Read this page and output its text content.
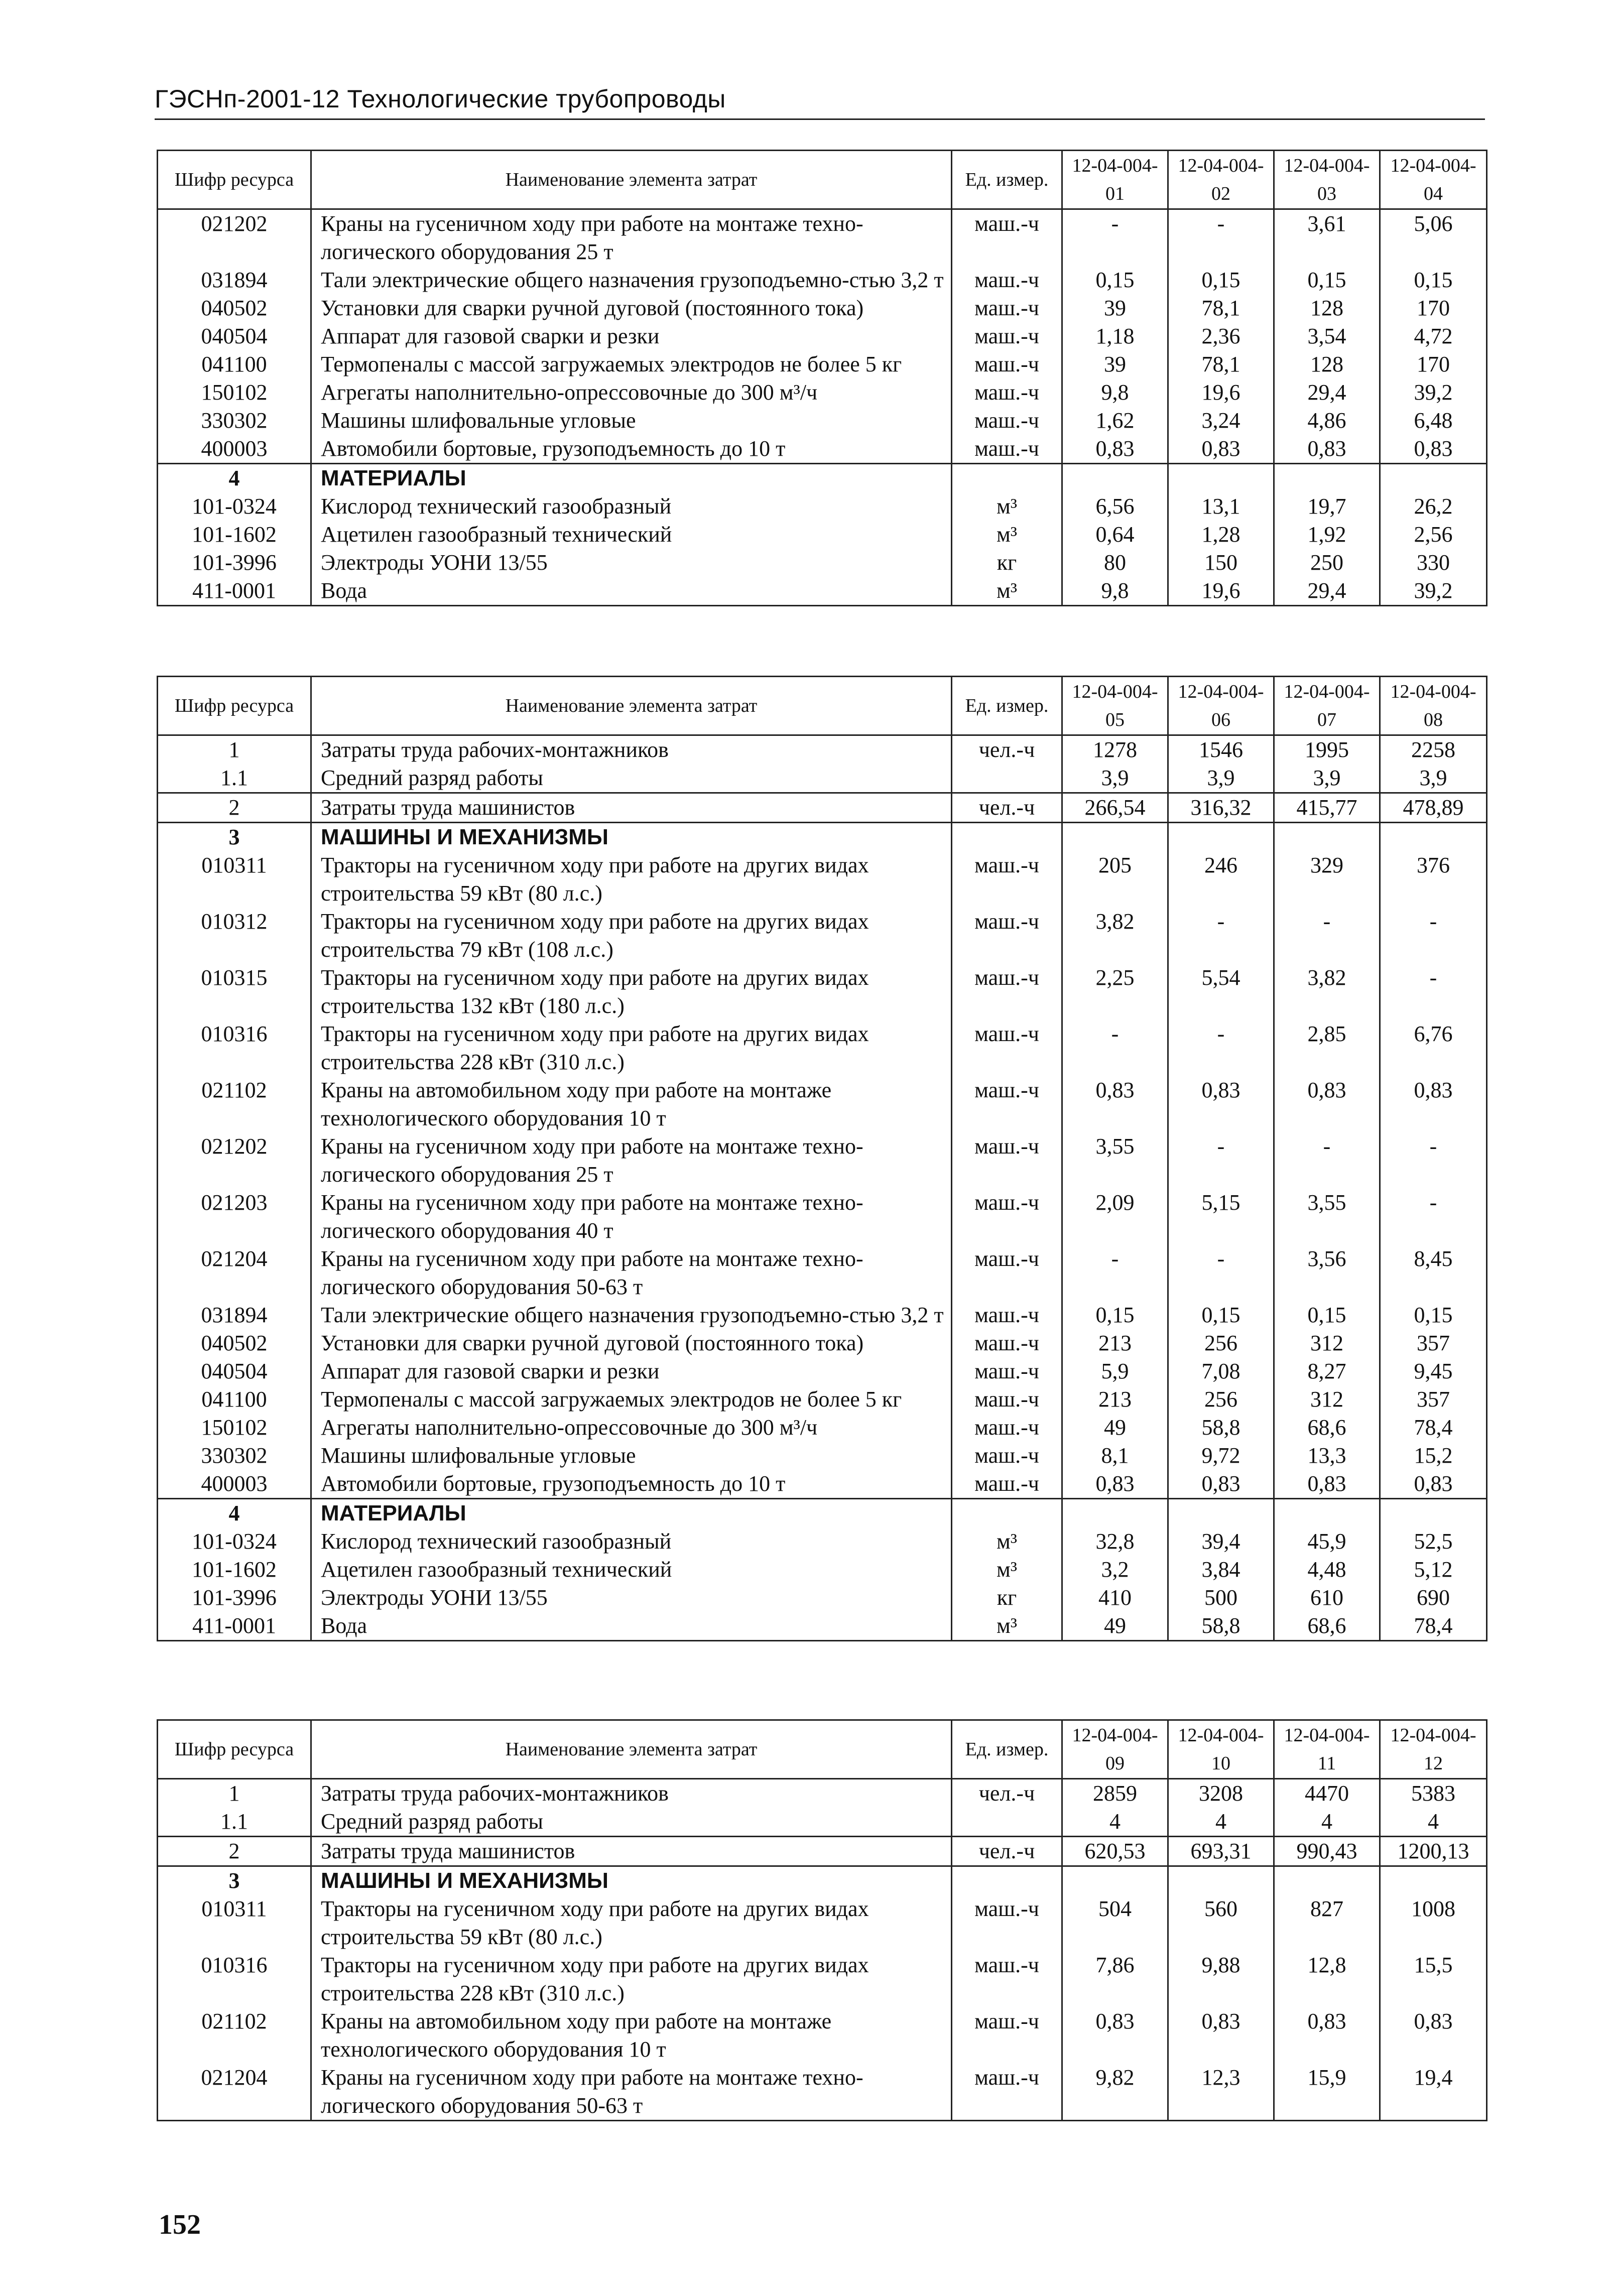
ГЭСНп-2001-12 Технологические трубопроводы
Шифр ресурса	Наименование элемента затрат	Ед. измер.	12-04-004-01	12-04-004-02	12-04-004-03	12-04-004-04
021202	Краны на гусеничном ходу при работе на монтаже техно-логического оборудования 25 т	маш.-ч	-	-	3,61	5,06
031894	Тали электрические общего назначения грузоподъемно-стью 3,2 т	маш.-ч	0,15	0,15	0,15	0,15
040502	Установки для сварки ручной дуговой (постоянного тока)	маш.-ч	39	78,1	128	170
040504	Аппарат для газовой сварки и резки	маш.-ч	1,18	2,36	3,54	4,72
041100	Термопеналы с массой загружаемых электродов не более 5 кг	маш.-ч	39	78,1	128	170
150102	Агрегаты наполнительно-опрессовочные до 300 м³/ч	маш.-ч	9,8	19,6	29,4	39,2
330302	Машины шлифовальные угловые	маш.-ч	1,62	3,24	4,86	6,48
400003	Автомобили бортовые, грузоподъемность до 10 т	маш.-ч	0,83	0,83	0,83	0,83
4	МАТЕРИАЛЫ					
101-0324	Кислород технический газообразный	м³	6,56	13,1	19,7	26,2
101-1602	Ацетилен газообразный технический	м³	0,64	1,28	1,92	2,56
101-3996	Электроды УОНИ 13/55	кг	80	150	250	330
411-0001	Вода	м³	9,8	19,6	29,4	39,2
Шифр ресурса	Наименование элемента затрат	Ед. измер.	12-04-004-05	12-04-004-06	12-04-004-07	12-04-004-08
1	Затраты труда рабочих-монтажников	чел.-ч	1278	1546	1995	2258
1.1	Средний разряд работы		3,9	3,9	3,9	3,9
2	Затраты труда машинистов	чел.-ч	266,54	316,32	415,77	478,89
3	МАШИНЫ И МЕХАНИЗМЫ					
010311	Тракторы на гусеничном ходу при работе на других видах строительства 59 кВт (80 л.с.)	маш.-ч	205	246	329	376
010312	Тракторы на гусеничном ходу при работе на других видах строительства 79 кВт (108 л.с.)	маш.-ч	3,82	-	-	-
010315	Тракторы на гусеничном ходу при работе на других видах строительства 132 кВт (180 л.с.)	маш.-ч	2,25	5,54	3,82	-
010316	Тракторы на гусеничном ходу при работе на других видах строительства 228 кВт (310 л.с.)	маш.-ч	-	-	2,85	6,76
021102	Краны на автомобильном ходу при работе на монтаже технологического оборудования 10 т	маш.-ч	0,83	0,83	0,83	0,83
021202	Краны на гусеничном ходу при работе на монтаже техно-логического оборудования 25 т	маш.-ч	3,55	-	-	-
021203	Краны на гусеничном ходу при работе на монтаже техно-логического оборудования 40 т	маш.-ч	2,09	5,15	3,55	-
021204	Краны на гусеничном ходу при работе на монтаже техно-логического оборудования 50-63 т	маш.-ч	-	-	3,56	8,45
031894	Тали электрические общего назначения грузоподъемно-стью 3,2 т	маш.-ч	0,15	0,15	0,15	0,15
040502	Установки для сварки ручной дуговой (постоянного тока)	маш.-ч	213	256	312	357
040504	Аппарат для газовой сварки и резки	маш.-ч	5,9	7,08	8,27	9,45
041100	Термопеналы с массой загружаемых электродов не более 5 кг	маш.-ч	213	256	312	357
150102	Агрегаты наполнительно-опрессовочные до 300 м³/ч	маш.-ч	49	58,8	68,6	78,4
330302	Машины шлифовальные угловые	маш.-ч	8,1	9,72	13,3	15,2
400003	Автомобили бортовые, грузоподъемность до 10 т	маш.-ч	0,83	0,83	0,83	0,83
4	МАТЕРИАЛЫ					
101-0324	Кислород технический газообразный	м³	32,8	39,4	45,9	52,5
101-1602	Ацетилен газообразный технический	м³	3,2	3,84	4,48	5,12
101-3996	Электроды УОНИ 13/55	кг	410	500	610	690
411-0001	Вода	м³	49	58,8	68,6	78,4
Шифр ресурса	Наименование элемента затрат	Ед. измер.	12-04-004-09	12-04-004-10	12-04-004-11	12-04-004-12
1	Затраты труда рабочих-монтажников	чел.-ч	2859	3208	4470	5383
1.1	Средний разряд работы		4	4	4	4
2	Затраты труда машинистов	чел.-ч	620,53	693,31	990,43	1200,13
3	МАШИНЫ И МЕХАНИЗМЫ					
010311	Тракторы на гусеничном ходу при работе на других видах строительства 59 кВт (80 л.с.)	маш.-ч	504	560	827	1008
010316	Тракторы на гусеничном ходу при работе на других видах строительства 228 кВт (310 л.с.)	маш.-ч	7,86	9,88	12,8	15,5
021102	Краны на автомобильном ходу при работе на монтаже технологического оборудования 10 т	маш.-ч	0,83	0,83	0,83	0,83
021204	Краны на гусеничном ходу при работе на монтаже техно-логического оборудования 50-63 т	маш.-ч	9,82	12,3	15,9	19,4
152
